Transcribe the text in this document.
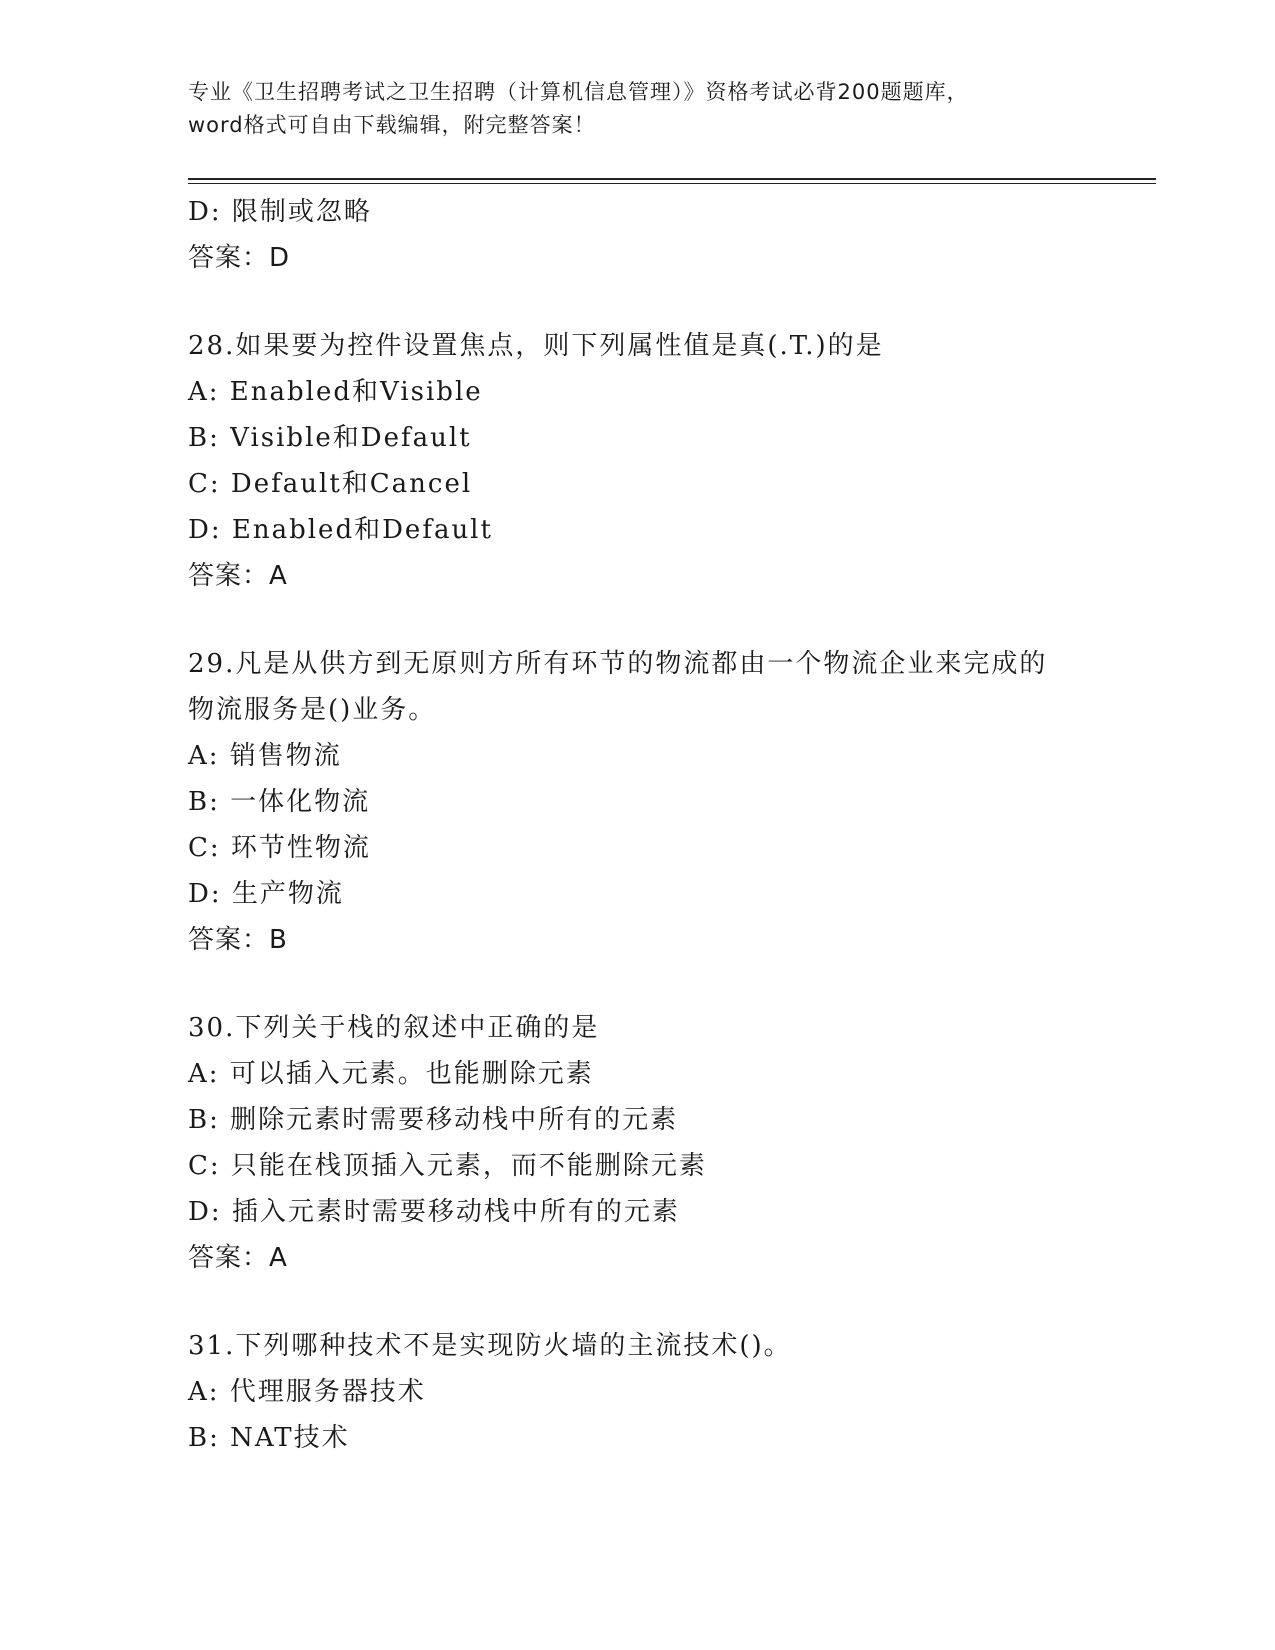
专业《卫生招聘考试之卫生招聘（计算机信息管理）》资格考试必背200题题库，
word格式可自由下载编辑，附完整答案！
D: 限制或忽略
答案：D
28.如果要为控件设置焦点，则下列属性值是真(.T.)的是
A: Enabled和Visible
B: Visible和Default
C: Default和Cancel
D: Enabled和Default
答案：A
29.凡是从供方到无原则方所有环节的物流都由一个物流企业来完成的
物流服务是()业务。
A: 销售物流
B: 一体化物流
C: 环节性物流
D: 生产物流
答案：B
30.下列关于栈的叙述中正确的是
A: 可以插入元素。也能删除元素
B: 删除元素时需要移动栈中所有的元素
C: 只能在栈顶插入元素，而不能删除元素
D: 插入元素时需要移动栈中所有的元素
答案：A
31.下列哪种技术不是实现防火墙的主流技术()。
A: 代理服务器技术
B: NAT技术
